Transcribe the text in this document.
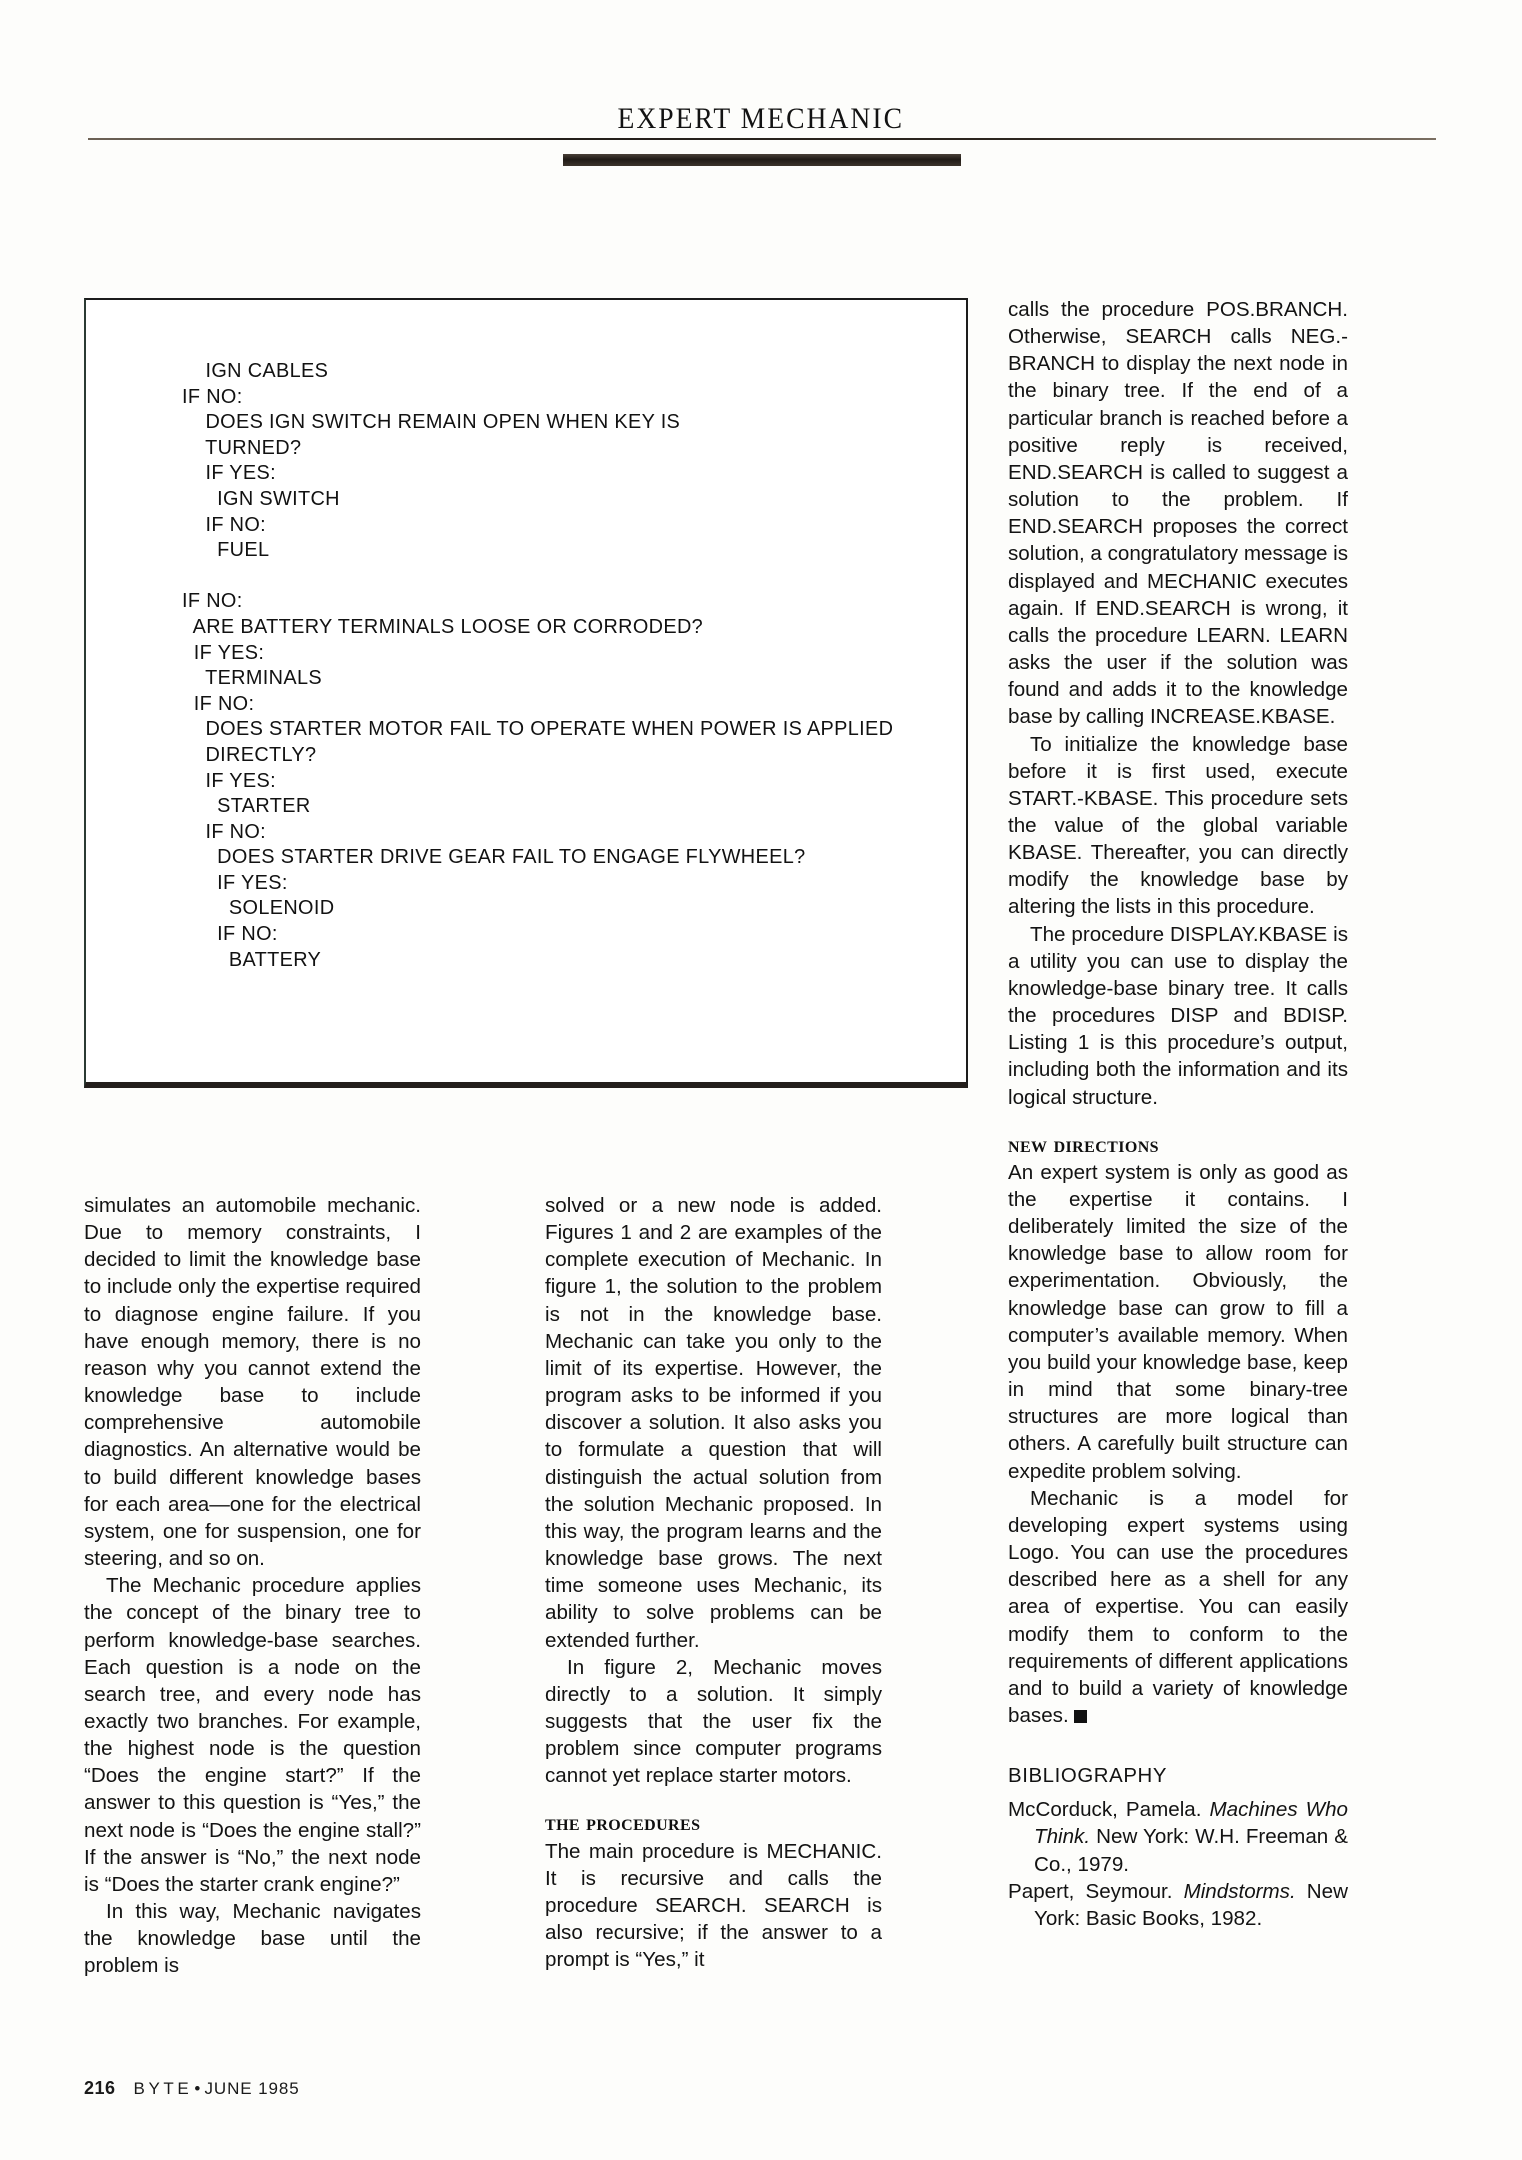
EXPERT MECHANIC
IGN CABLES
IF NO:
DOES IGN SWITCH REMAIN OPEN WHEN KEY IS
TURNED?
IF YES:
IGN SWITCH
IF NO:
FUEL
IF NO:
ARE BATTERY TERMINALS LOOSE OR CORRODED?
IF YES:
TERMINALS
IF NO:
DOES STARTER MOTOR FAIL TO OPERATE WHEN POWER IS APPLIED
DIRECTLY?
IF YES:
STARTER
IF NO:
DOES STARTER DRIVE GEAR FAIL TO ENGAGE FLYWHEEL?
IF YES:
SOLENOID
IF NO:
BATTERY

simulates an automobile mechanic. Due to memory constraints, I decided to limit the knowledge base to include only the expertise required to diagnose engine failure. If you have enough memory, there is no reason why you cannot extend the knowledge base to include comprehensive automobile diagnostics. An alternative would be to build different knowledge bases for each area—one for the electrical system, one for suspension, one for steering, and so on.

The Mechanic procedure applies the concept of the binary tree to perform knowledge-base searches. Each question is a node on the search tree, and every node has exactly two branches. For example, the highest node is the question “Does the engine start?” If the answer to this question is “Yes,” the next node is “Does the engine stall?” If the answer is “No,” the next node is “Does the starter crank engine?”

In this way, Mechanic navigates the knowledge base until the problem is

solved or a new node is added. Figures 1 and 2 are examples of the complete execution of Mechanic. In figure 1, the solution to the problem is not in the knowledge base. Mechanic can take you only to the limit of its expertise. However, the program asks to be informed if you discover a solution. It also asks you to formulate a question that will distinguish the actual solution from the solution Mechanic proposed. In this way, the program learns and the knowledge base grows. The next time someone uses Mechanic, its ability to solve problems can be extended further.

In figure 2, Mechanic moves directly to a solution. It simply suggests that the user fix the problem since computer programs cannot yet replace starter motors.

the procedures

The main procedure is MECHANIC. It is recursive and calls the procedure SEARCH. SEARCH is also recursive; if the answer to a prompt is “Yes,” it

calls the procedure POS.BRANCH. Otherwise, SEARCH calls NEG.-BRANCH to display the next node in the binary tree. If the end of a particular branch is reached before a positive reply is received, END.SEARCH is called to suggest a solution to the problem. If END.SEARCH proposes the correct solution, a congratulatory message is displayed and MECHANIC executes again. If END.SEARCH is wrong, it calls the procedure LEARN. LEARN asks the user if the solution was found and adds it to the knowledge base by calling INCREASE.KBASE.

To initialize the knowledge base before it is first used, execute START.-KBASE. This procedure sets the value of the global variable KBASE. Thereafter, you can directly modify the knowledge base by altering the lists in this procedure.

The procedure DISPLAY.KBASE is a utility you can use to display the knowledge-base binary tree. It calls the procedures DISP and BDISP. Listing 1 is this procedure’s output, including both the information and its logical structure.

new directions

An expert system is only as good as the expertise it contains. I deliberately limited the size of the knowledge base to allow room for experimentation. Obviously, the knowledge base can grow to fill a computer’s available memory. When you build your knowledge base, keep in mind that some binary-tree structures are more logical than others. A carefully built structure can expedite problem solving.

Mechanic is a model for developing expert systems using Logo. You can use the procedures described here as a shell for any area of expertise. You can easily modify them to conform to the requirements of different applications and to build a variety of knowledge bases.

BIBLIOGRAPHY

McCorduck, Pamela. Machines Who Think. New York: W.H. Freeman & Co., 1979.

Papert, Seymour. Mindstorms. New York: Basic Books, 1982.

216 BYTE • JUNE 1985
